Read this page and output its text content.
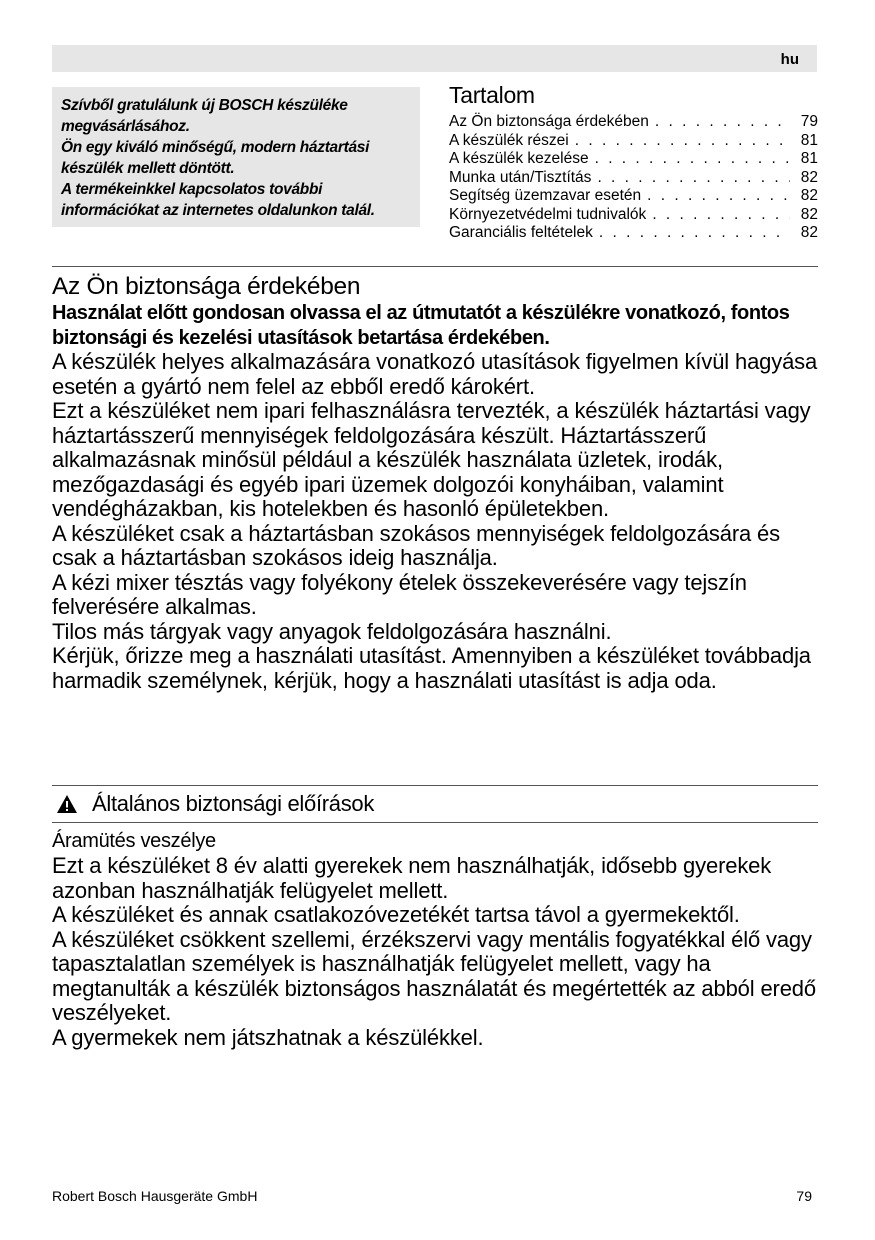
hu

Szívből gratulálunk új BOSCH készüléke megvásárlásához.

Ön egy kiváló minőségű, modern háztartási készülék mellett döntött.

A termékeinkkel kapcsolatos további információkat az internetes oldalunkon talál.

Tartalom
Az Ön biztonsága érdekében . . .	79
A készülék részei . . .	81
A készülék kezelése . . .	81
Munka után/Tisztítás . . .	82
Segítség üzemzavar esetén . . .	82
Környezetvédelmi tudnivalók . . .	82
Garanciális feltételek . . .	82
Az Ön biztonsága érdekében

Használat előtt gondosan olvassa el az útmutatót a készülékre vonatkozó, fontos biztonsági és kezelési utasítások betartása érdekében.

A készülék helyes alkalmazására vonatkozó utasítások figyelmen kívül hagyása esetén a gyártó nem felel az ebből eredő károkért.

Ezt a készüléket nem ipari felhasználásra tervezték, a készülék háztartási vagy háztartásszerű mennyiségek feldolgozására készült. Háztartásszerű alkalmazásnak minősül például a készülék használata üzletek, irodák, mezőgazdasági és egyéb ipari üzemek dolgozói konyháiban, valamint vendégházakban, kis hotelekben és hasonló épületekben.

A készüléket csak a háztartásban szokásos mennyiségek feldolgozására és csak a háztartásban szokásos ideig használja.

A kézi mixer tésztás vagy folyékony ételek összekeverésére vagy tejszín felverésére alkalmas.

Tilos más tárgyak vagy anyagok feldolgozására használni.

Kérjük, őrizze meg a használati utasítást. Amennyiben a készüléket továbbadja harmadik személynek, kérjük, hogy a használati utasítást is adja oda.

Általános biztonsági előírások
Áramütés veszélye

Ezt a készüléket 8 év alatti gyerekek nem használhatják, idősebb gyerekek azonban használhatják felügyelet mellett.

A készüléket és annak csatlakozóvezetékét tartsa távol a gyermekektől.

A készüléket csökkent szellemi, érzékszervi vagy mentális fogyatékkal élő vagy tapasztalatlan személyek is használhatják felügyelet mellett, vagy ha megtanulták a készülék biztonságos használatát és megértették az abból eredő veszélyeket.

A gyermekek nem játszhatnak a készülékkel.

Robert Bosch Hausgeräte GmbH	79
